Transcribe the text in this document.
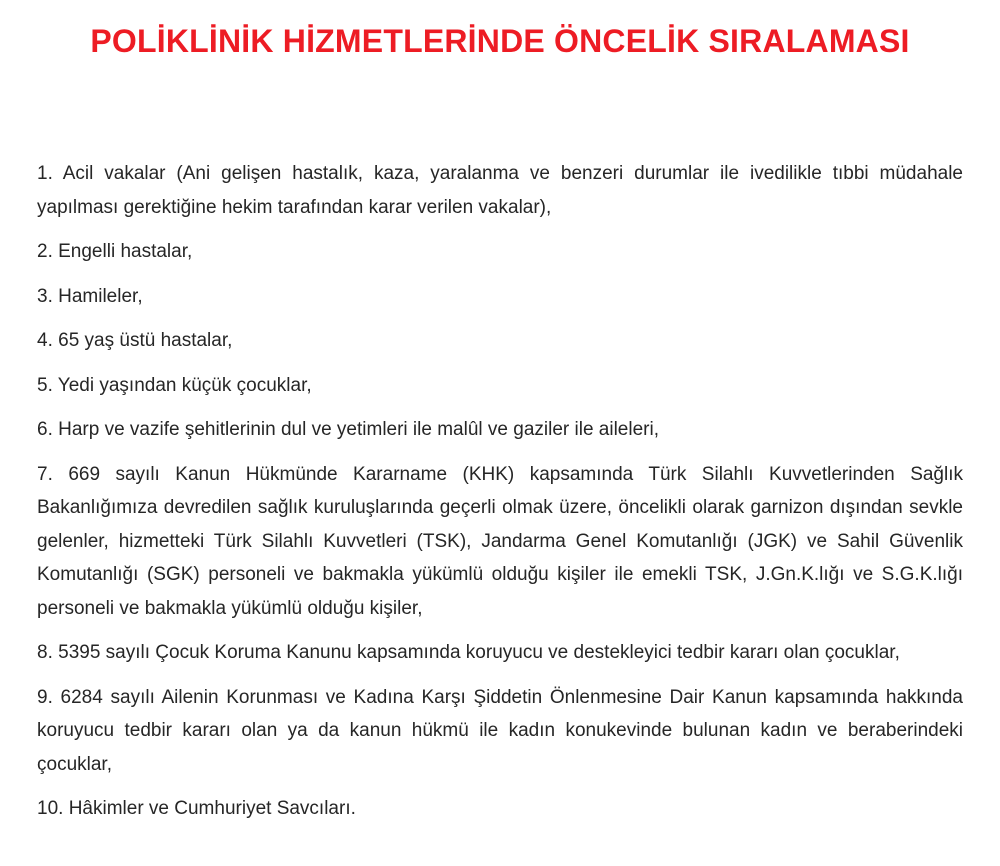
POLİKLİNİK HİZMETLERİNDE ÖNCELİK SIRALAMASI

1. Acil vakalar (Ani gelişen hastalık, kaza, yaralanma ve benzeri durumlar ile ivedilikle tıbbi müdahale yapılması gerektiğine hekim tarafından karar verilen vakalar),

2. Engelli hastalar,

3. Hamileler,

4. 65 yaş üstü hastalar,

5. Yedi yaşından küçük çocuklar,

6. Harp ve vazife şehitlerinin dul ve yetimleri ile malûl ve gaziler ile aileleri,

7. 669 sayılı Kanun Hükmünde Kararname (KHK) kapsamında Türk Silahlı Kuvvetlerinden Sağlık Bakanlığımıza devredilen sağlık kuruluşlarında geçerli olmak üzere, öncelikli olarak garnizon dışından sevkle gelenler, hizmetteki Türk Silahlı Kuvvetleri (TSK), Jandarma Genel Komutanlığı (JGK) ve Sahil Güvenlik Komutanlığı (SGK) personeli ve bakmakla yükümlü olduğu kişiler ile emekli TSK, J.Gn.K.lığı ve S.G.K.lığı personeli ve bakmakla yükümlü olduğu kişiler,

8. 5395 sayılı Çocuk Koruma Kanunu kapsamında koruyucu ve destekleyici tedbir kararı olan çocuklar,

9. 6284 sayılı Ailenin Korunması ve Kadına Karşı Şiddetin Önlenmesine Dair Kanun kapsamında hakkında koruyucu tedbir kararı olan ya da kanun hükmü ile kadın konukevinde bulunan kadın ve beraberindeki çocuklar,

10. Hâkimler ve Cumhuriyet Savcıları.
